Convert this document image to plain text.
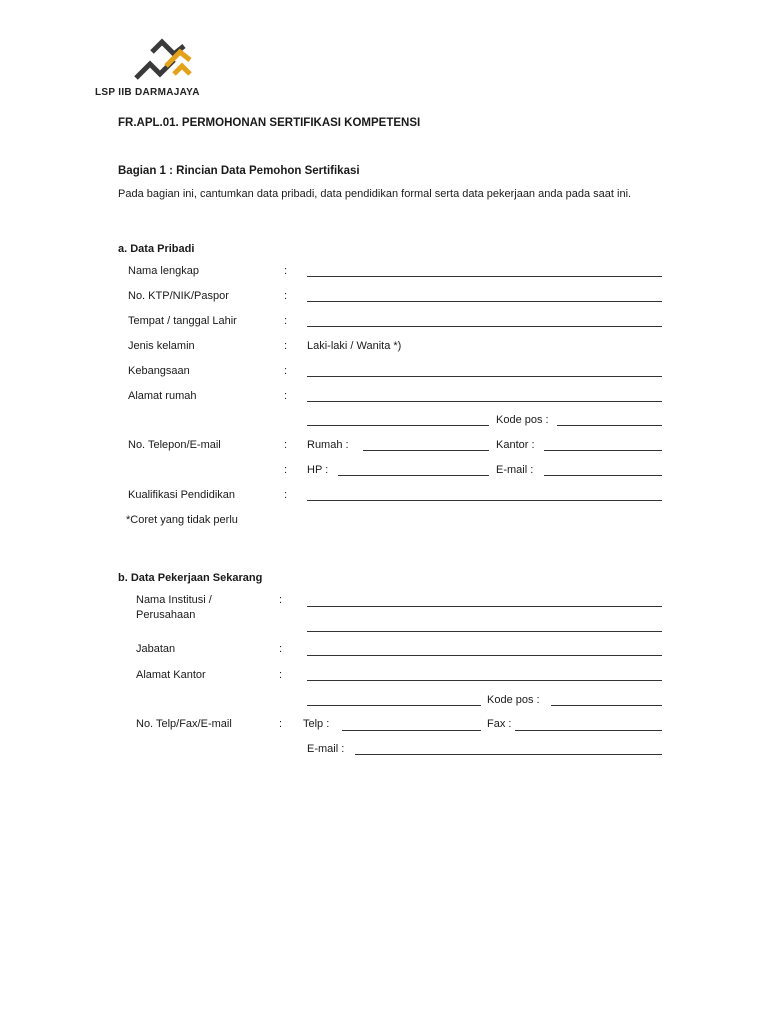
LSP IIB DARMAJAYA
FR.APL.01. PERMOHONAN SERTIFIKASI KOMPETENSI
Bagian 1 : Rincian Data Pemohon Sertifikasi
Pada bagian ini, cantumkan data pribadi, data pendidikan formal serta data pekerjaan anda pada saat ini.
a. Data Pribadi
Nama lengkap	:
No. KTP/NIK/Paspor	:
Tempat / tanggal Lahir	:
Jenis kelamin	: Laki-laki / Wanita *)
Kebangsaan	:
Alamat rumah	:
Kode pos :
No. Telepon/E-mail	: Rumah :	Kantor :
: HP :	E-mail :
Kualifikasi Pendidikan	:
*Coret yang tidak perlu
b. Data Pekerjaan Sekarang
Nama Institusi /
Perusahaan
:
Jabatan	:
Alamat Kantor	:
Kode pos :
No. Telp/Fax/E-mail	: Telp :	Fax :
E-mail :
